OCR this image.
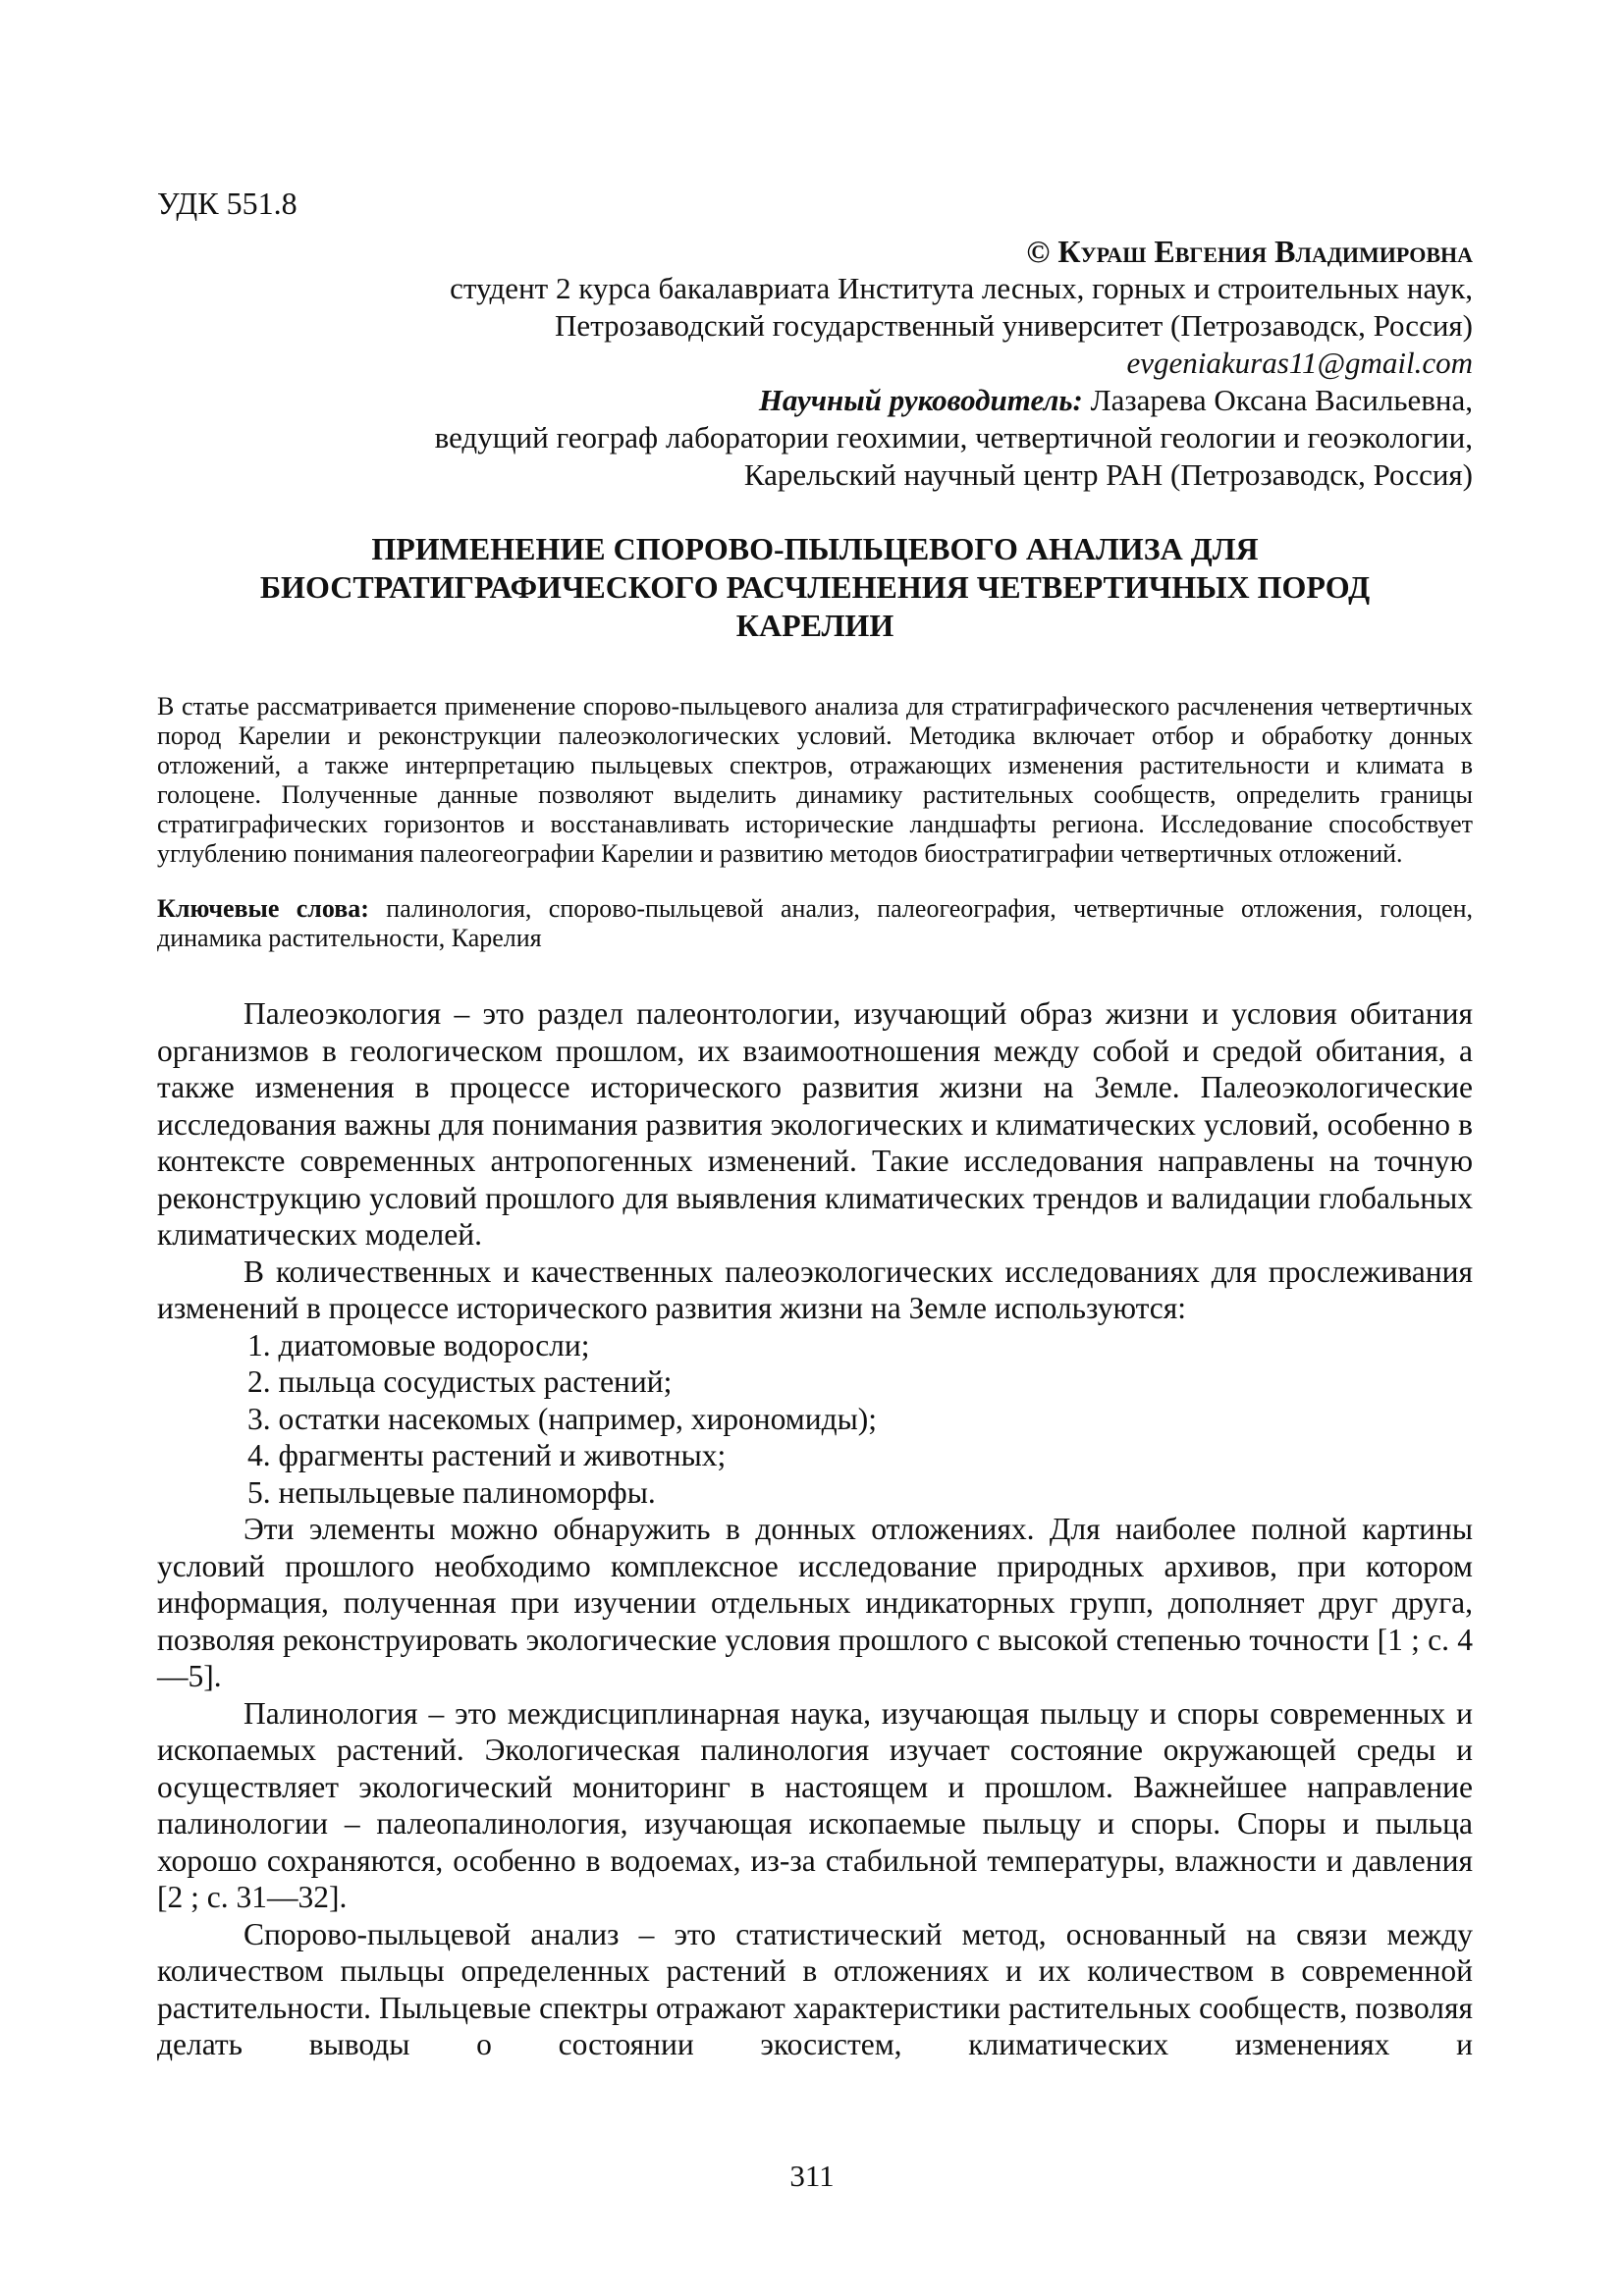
УДК 551.8
© Кураш Евгения Владимировна
студент 2 курса бакалавриата Института лесных, горных и строительных наук,
Петрозаводский государственный университет (Петрозаводск, Россия)
evgeniakuras11@gmail.com
Научный руководитель: Лазарева Оксана Васильевна,
ведущий географ лаборатории геохимии, четвертичной геологии и геоэкологии,
Карельский научный центр РАН (Петрозаводск, Россия)
ПРИМЕНЕНИЕ СПОРОВО-ПЫЛЬЦЕВОГО АНАЛИЗА ДЛЯ
БИОСТРАТИГРАФИЧЕСКОГО РАСЧЛЕНЕНИЯ ЧЕТВЕРТИЧНЫХ ПОРОД
КАРЕЛИИ

В статье рассматривается применение спорово-пыльцевого анализа для стратиграфического расчленения четвертичных пород Карелии и реконструкции палеоэкологических условий. Методика включает отбор и обработку донных отложений, а также интерпретацию пыльцевых спектров, отражающих изменения растительности и климата в голоцене. Полученные данные позволяют выделить динамику растительных сообществ, определить границы стратиграфических горизонтов и восстанавливать исторические ландшафты региона. Исследование способствует углублению понимания палеогеографии Карелии и развитию методов биостратиграфии четвертичных отложений.

Ключевые слова: палинология, спорово-пыльцевой анализ, палеогеография, четвертичные отложения, голоцен, динамика растительности, Карелия

Палеоэкология – это раздел палеонтологии, изучающий образ жизни и условия обитания организмов в геологическом прошлом, их взаимоотношения между собой и средой обитания, а также изменения в процессе исторического развития жизни на Земле. Палеоэкологические исследования важны для понимания развития экологических и климатических условий, особенно в контексте современных антропогенных изменений. Такие исследования направлены на точную реконструкцию условий прошлого для выявления климатических трендов и валидации глобальных климатических моделей.

В количественных и качественных палеоэкологических исследованиях для прослеживания изменений в процессе исторического развития жизни на Земле используются:

1. диатомовые водоросли;
2. пыльца сосудистых растений;
3. остатки насекомых (например, хирономиды);
4. фрагменты растений и животных;
5. непыльцевые палиноморфы.

Эти элементы можно обнаружить в донных отложениях. Для наиболее полной картины условий прошлого необходимо комплексное исследование природных архивов, при котором информация, полученная при изучении отдельных индикаторных групп, дополняет друг друга, позволяя реконструировать экологические условия прошлого с высокой степенью точности [1 ; с. 4—5].

Палинология – это междисциплинарная наука, изучающая пыльцу и споры современных и ископаемых растений. Экологическая палинология изучает состояние окружающей среды и осуществляет экологический мониторинг в настоящем и прошлом. Важнейшее направление палинологии – палеопалинология, изучающая ископаемые пыльцу и споры. Споры и пыльца хорошо сохраняются, особенно в водоемах, из-за стабильной температуры, влажности и давления [2 ; с. 31—32].

Спорово-пыльцевой анализ – это статистический метод, основанный на связи между количеством пыльцы определенных растений в отложениях и их количеством в современной растительности. Пыльцевые спектры отражают характеристики растительных сообществ, позволяя делать выводы о состоянии экосистем, климатических изменениях и

311
